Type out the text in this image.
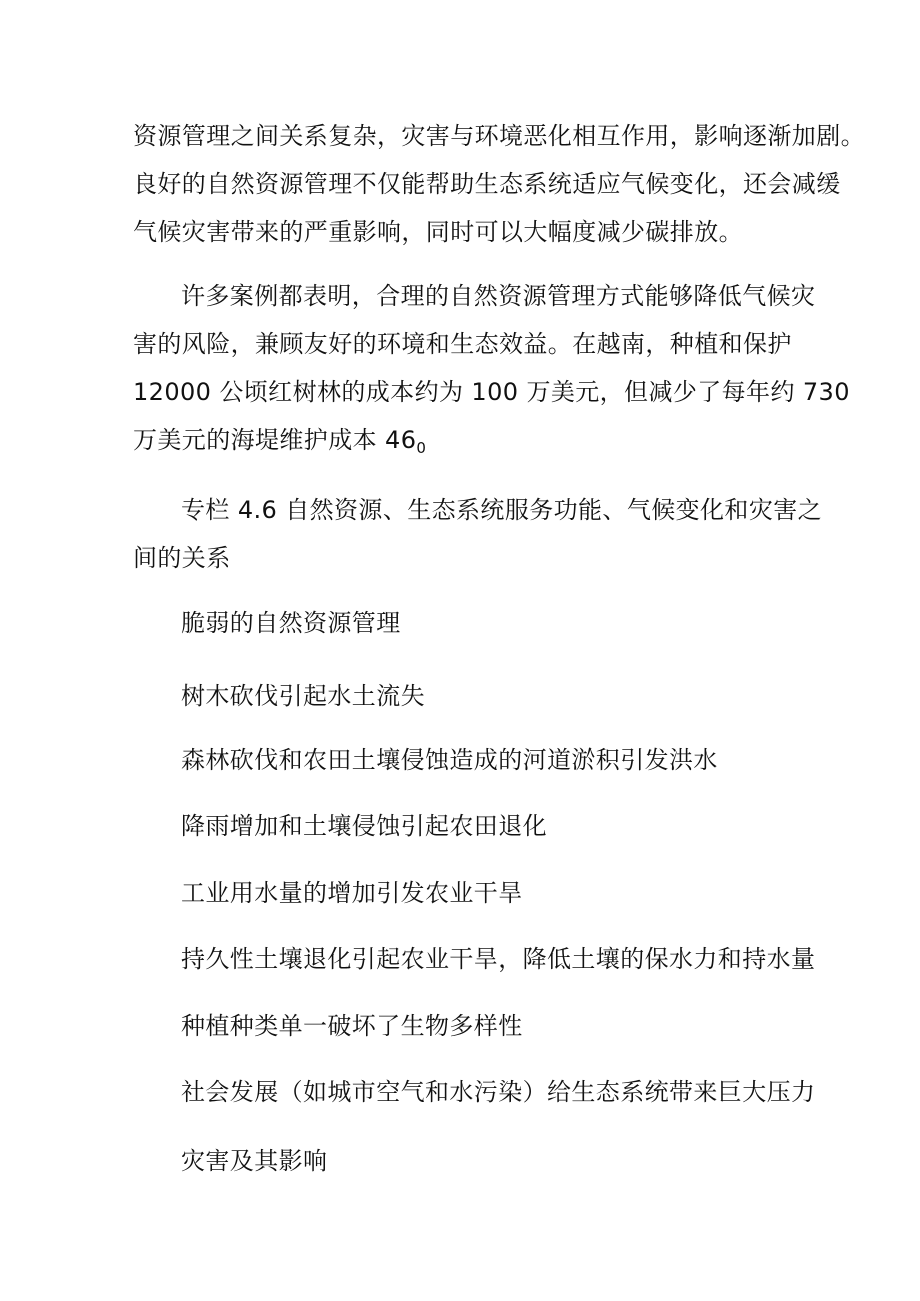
资源管理之间关系复杂，灾害与环境恶化相互作用，影响逐渐加剧。
良好的自然资源管理不仅能帮助生态系统适应气候变化，还会减缓
气候灾害带来的严重影响，同时可以大幅度减少碳排放。

许多案例都表明，合理的自然资源管理方式能够降低气候灾
害的风险，兼顾友好的环境和生态效益。在越南，种植和保护
12000 公顷红树林的成本约为 100 万美元，但减少了每年约 730
万美元的海堤维护成本 $46_0$

专栏 4.6 自然资源、生态系统服务功能、气候变化和灾害之
间的关系

脆弱的自然资源管理

树木砍伐引起水土流失

森林砍伐和农田土壤侵蚀造成的河道淤积引发洪水

降雨增加和土壤侵蚀引起农田退化

工业用水量的增加引发农业干旱

持久性土壤退化引起农业干旱，降低土壤的保水力和持水量

种植种类单一破坏了生物多样性

社会发展（如城市空气和水污染）给生态系统带来巨大压力

灾害及其影响
